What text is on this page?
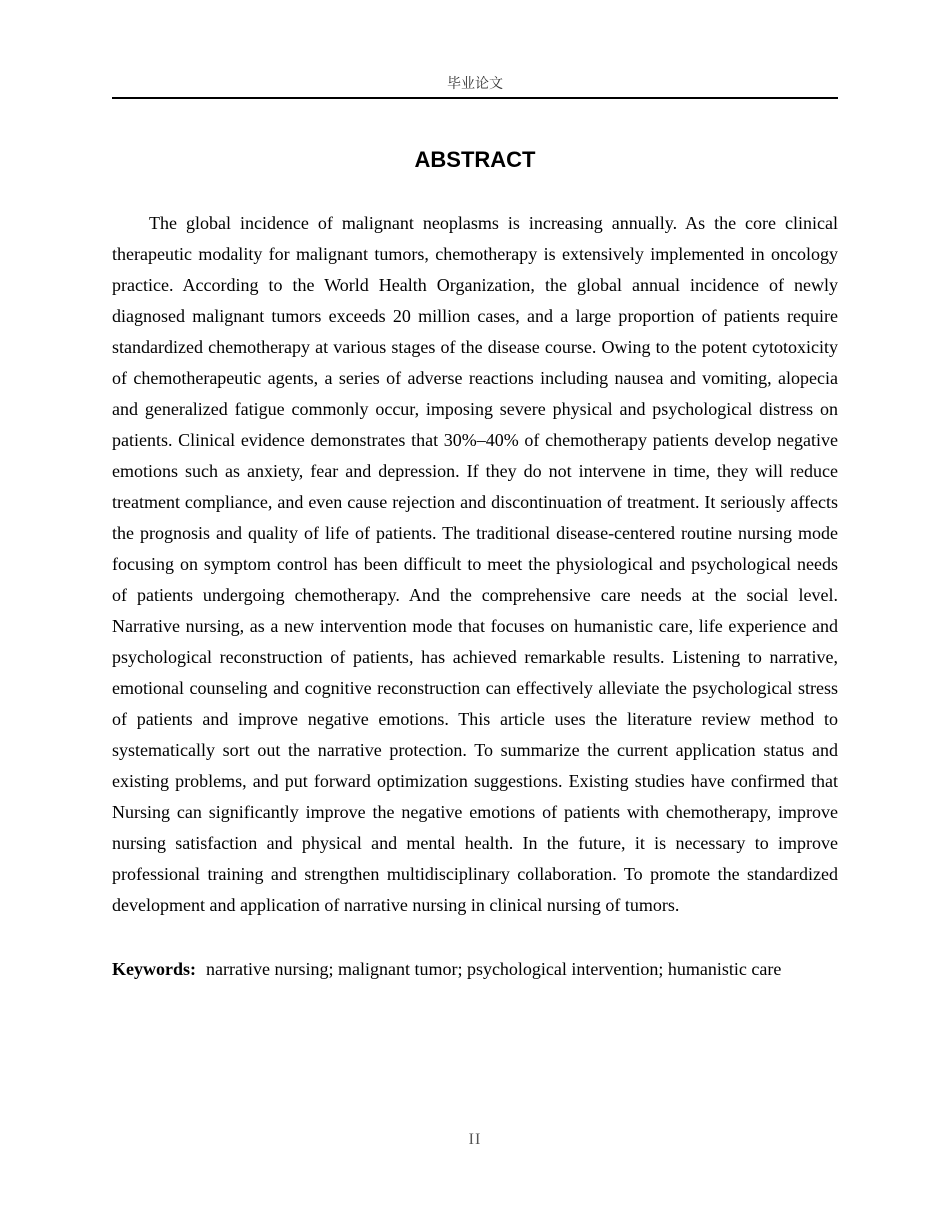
毕业论文
ABSTRACT

The global incidence of malignant neoplasms is increasing annually. As the core clinical therapeutic modality for malignant tumors, chemotherapy is extensively implemented in oncology practice. According to the World Health Organization, the global annual incidence of newly diagnosed malignant tumors exceeds 20 million cases, and a large proportion of patients require standardized chemotherapy at various stages of the disease course. Owing to the potent cytotoxicity of chemotherapeutic agents, a series of adverse reactions including nausea and vomiting, alopecia and generalized fatigue commonly occur, imposing severe physical and psychological distress on patients. Clinical evidence demonstrates that 30%–40% of chemotherapy patients develop negative emotions such as anxiety, fear and depression. If they do not intervene in time, they will reduce treatment compliance, and even cause rejection and discontinuation of treatment. It seriously affects the prognosis and quality of life of patients. The traditional disease-centered routine nursing mode focusing on symptom control has been difficult to meet the physiological and psychological needs of patients undergoing chemotherapy. And the comprehensive care needs at the social level. Narrative nursing, as a new intervention mode that focuses on humanistic care, life experience and psychological reconstruction of patients, has achieved remarkable results. Listening to narrative, emotional counseling and cognitive reconstruction can effectively alleviate the psychological stress of patients and improve negative emotions. This article uses the literature review method to systematically sort out the narrative protection. To summarize the current application status and existing problems, and put forward optimization suggestions. Existing studies have confirmed that Nursing can significantly improve the negative emotions of patients with chemotherapy, improve nursing satisfaction and physical and mental health. In the future, it is necessary to improve professional training and strengthen multidisciplinary collaboration. To promote the standardized development and application of narrative nursing in clinical nursing of tumors.

Keywords: narrative nursing; malignant tumor; psychological intervention; humanistic care

II
